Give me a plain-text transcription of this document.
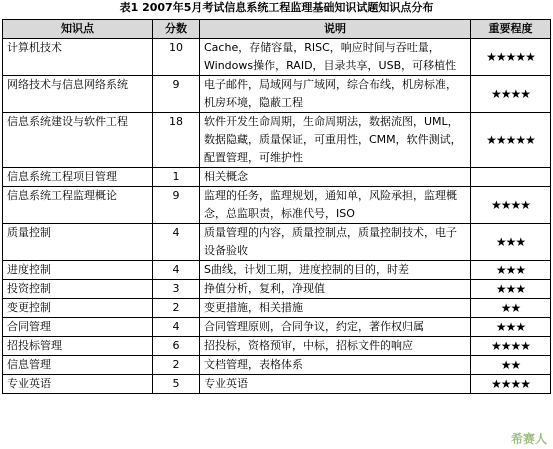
表1 2007年5月考试信息系统工程监理基础知识试题知识点分布
知识点	分数	说明	重要程度
计算机技术	10	Cache，存储容量，RISC，响应时间与吞吐量，Windows操作，RAID，目录共享，USB，可移植性	★★★★★
网络技术与信息网络系统	9	电子邮件，局域网与广域网，综合布线，机房标准，机房环境，隐蔽工程	★★★★
信息系统建设与软件工程	18	软件开发生命周期，生命周期法，数据流图，UML，数据隐藏，质量保证，可重用性，CMM，软件测试，配置管理，可维护性	★★★★★
信息系统工程项目管理	1	相关概念	
信息系统工程监理概论	9	监理的任务，监理规划，通知单，风险承担，监理概念，总监职责，标准代号，ISO	★★★★
质量控制	4	质量管理的内容，质量控制点，质量控制技术，电子设备验收	★★★
进度控制	4	S曲线，计划工期，进度控制的目的，时差	★★★
投资控制	3	挣值分析，复利，净现值	★★★
变更控制	2	变更措施，相关措施	★★
合同管理	4	合同管理原则，合同争议，约定，著作权归属	★★★
招投标管理	6	招投标，资格预审，中标，招标文件的响应	★★★★
信息管理	2	文档管理，表格体系	★★
专业英语	5	专业英语	★★★★
希赛人
